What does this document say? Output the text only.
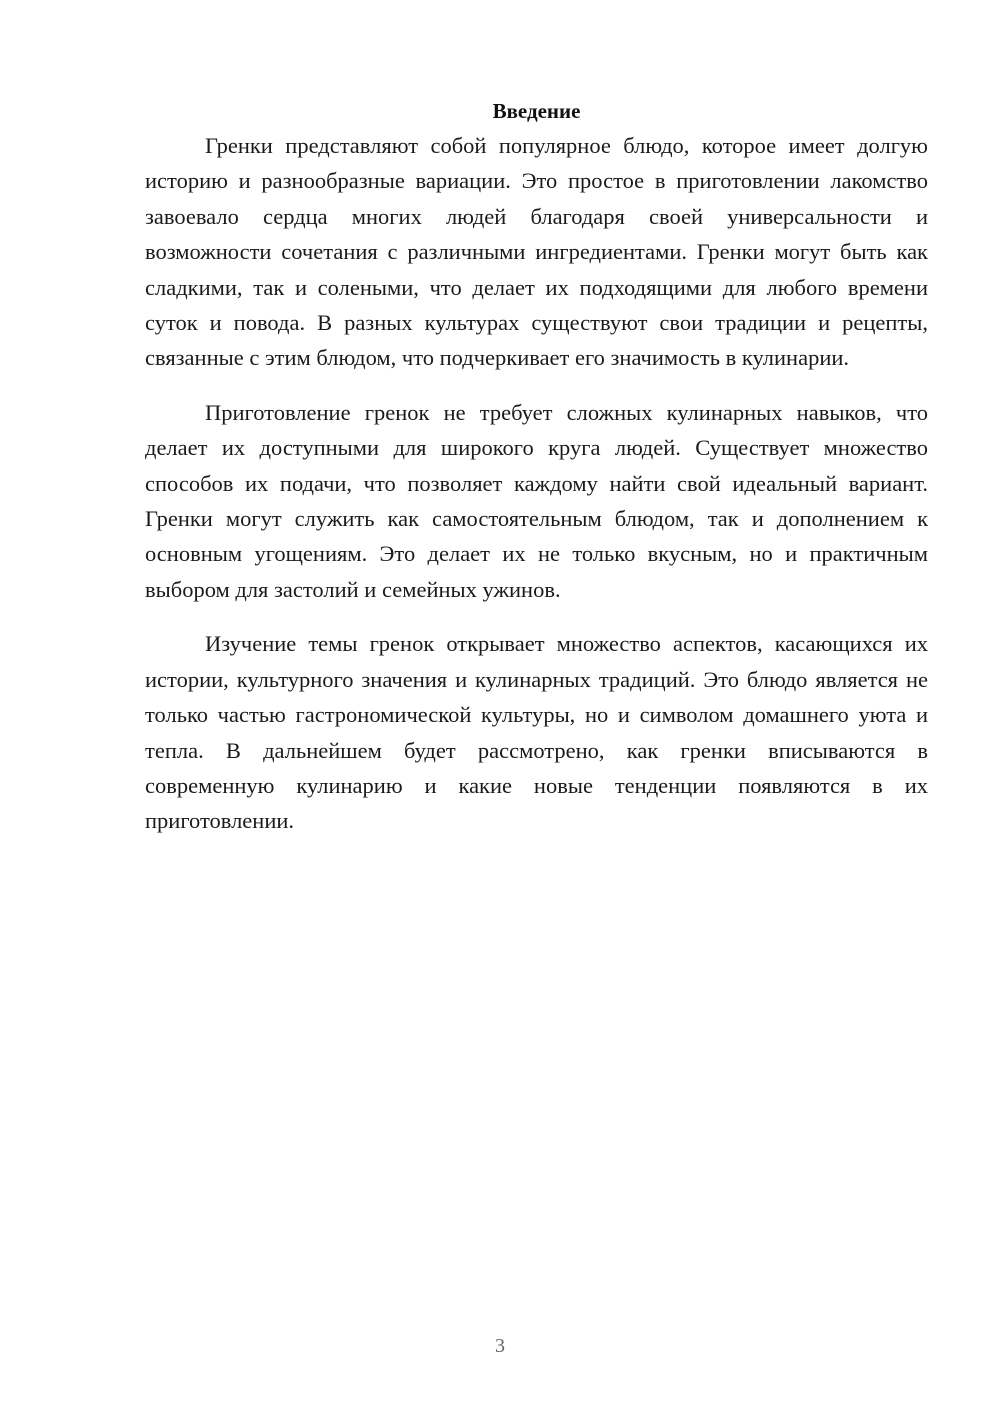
Введение

Гренки представляют собой популярное блюдо, которое имеет долгую историю и разнообразные вариации. Это простое в приготовлении лакомство завоевало сердца многих людей благодаря своей универсальности и возможности сочетания с различными ингредиентами. Гренки могут быть как сладкими, так и солеными, что делает их подходящими для любого времени суток и повода. В разных культурах существуют свои традиции и рецепты, связанные с этим блюдом, что подчеркивает его значимость в кулинарии.

Приготовление гренок не требует сложных кулинарных навыков, что делает их доступными для широкого круга людей. Существует множество способов их подачи, что позволяет каждому найти свой идеальный вариант. Гренки могут служить как самостоятельным блюдом, так и дополнением к основным угощениям. Это делает их не только вкусным, но и практичным выбором для застолий и семейных ужинов.

Изучение темы гренок открывает множество аспектов, касающихся их истории, культурного значения и кулинарных традиций. Это блюдо является не только частью гастрономической культуры, но и символом домашнего уюта и тепла. В дальнейшем будет рассмотрено, как гренки вписываются в современную кулинарию и какие новые тенденции появляются в их приготовлении.

3
